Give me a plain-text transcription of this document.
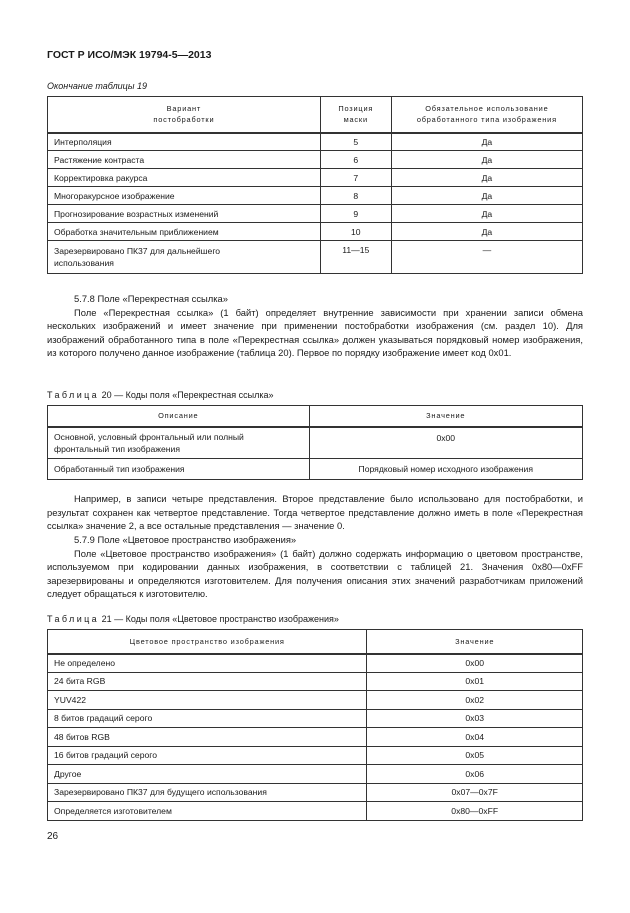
ГОСТ Р ИСО/МЭК 19794-5—2013
Окончание таблицы 19
Вариант постобработки	Позиция маски	Обязательное использование обработанного типа изображения
Интерполяция	5	Да
Растяжение контраста	6	Да
Корректировка ракурса	7	Да
Многоракурсное изображение	8	Да
Прогнозирование возрастных изменений	9	Да
Обработка значительным приближением	10	Да
Зарезервировано ПК37 для дальнейшего использования	11—15	—

5.7.8 Поле «Перекрестная ссылка»

Поле «Перекрестная ссылка» (1 байт) определяет внутренние зависимости при хранении записи обмена нескольких изображений и имеет значение при применении постобработки изображения (см. раздел 10). Для изображений обработанного типа в поле «Перекрестная ссылка» должен указываться порядковый номер изображения, из которого получено данное изображение (таблица 20). Первое по порядку изображение имеет код 0x01.

Таблица 20 — Коды поля «Перекрестная ссылка»
Описание	Значение
Основной, условный фронтальный или полный фронтальный тип изображения	0x00
Обработанный тип изображения	Порядковый номер исходного изображения

Например, в записи четыре представления. Второе представление было использовано для постобработки, и результат сохранен как четвертое представление. Тогда четвертое представление должно иметь в поле «Перекрестная ссылка» значение 2, а все остальные представления — значение 0.

5.7.9 Поле «Цветовое пространство изображения»

Поле «Цветовое пространство изображения» (1 байт) должно содержать информацию о цветовом пространстве, используемом при кодировании данных изображения, в соответствии с таблицей 21. Значения 0x80—0xFF зарезервированы и определяются изготовителем. Для получения описания этих значений разработчикам приложений следует обращаться к изготовителю.

Таблица 21 — Коды поля «Цветовое пространство изображения»
Цветовое пространство изображения	Значение
Не определено	0x00
24 бита RGB	0x01
YUV422	0x02
8 битов градаций серого	0x03
48 битов RGB	0x04
16 битов градаций серого	0x05
Другое	0x06
Зарезервировано ПК37 для будущего использования	0x07—0x7F
Определяется изготовителем	0x80—0xFF
26
